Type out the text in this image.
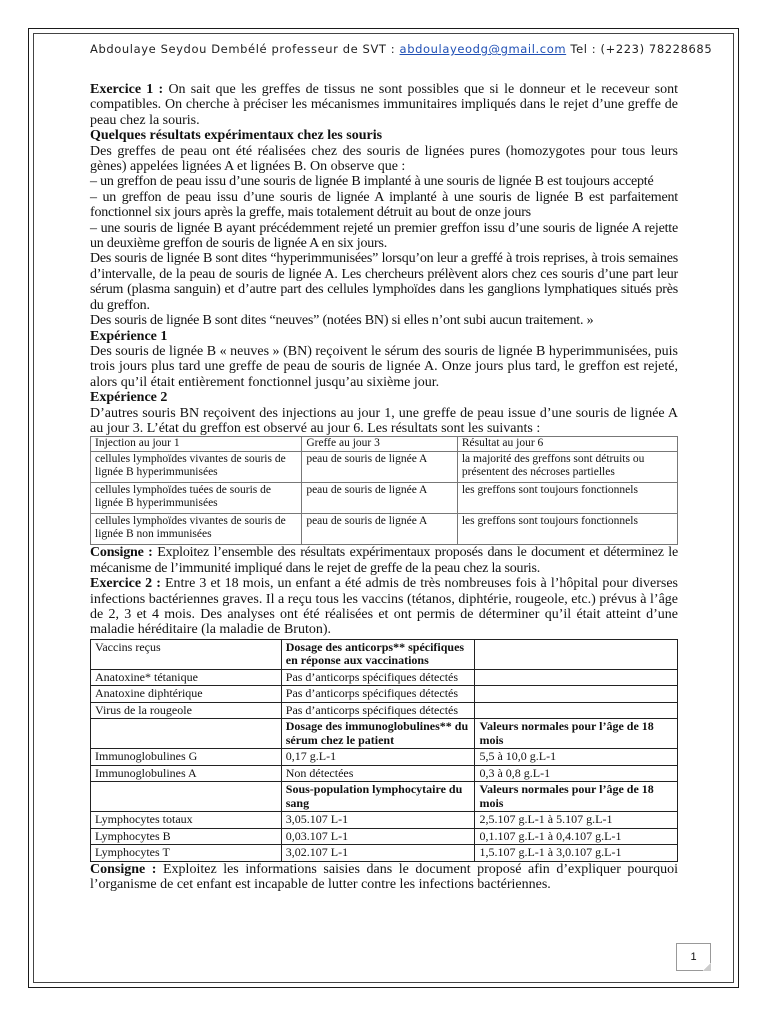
Abdoulaye Seydou Dembélé professeur de SVT : abdoulayeodg@gmail.com Tel : (+223) 78228685

Exercice 1 : On sait que les greffes de tissus ne sont possibles que si le donneur et le receveur sont compatibles. On cherche à préciser les mécanismes immunitaires impliqués dans le rejet d’une greffe de peau chez la souris.

Quelques résultats expérimentaux chez les souris

Des greffes de peau ont été réalisées chez des souris de lignées pures (homozygotes pour tous leurs gènes) appelées lignées A et lignées B. On observe que :

– un greffon de peau issu d’une souris de lignée B implanté à une souris de lignée B est toujours accepté

– un greffon de peau issu d’une souris de lignée A implanté à une souris de lignée B est parfaitement fonctionnel six jours après la greffe, mais totalement détruit au bout de onze jours

– une souris de lignée B ayant précédemment rejeté un premier greffon issu d’une souris de lignée A rejette un deuxième greffon de souris de lignée A en six jours.

Des souris de lignée B sont dites “hyperimmunisées” lorsqu’on leur a greffé à trois reprises, à trois semaines d’intervalle, de la peau de souris de lignée A. Les chercheurs prélèvent alors chez ces souris d’une part leur sérum (plasma sanguin) et d’autre part des cellules lymphoïdes dans les ganglions lymphatiques situés près du greffon.

Des souris de lignée B sont dites “neuves” (notées BN) si elles n’ont subi aucun traitement. »

Expérience 1

Des souris de lignée B « neuves » (BN) reçoivent le sérum des souris de lignée B hyperimmunisées, puis trois jours plus tard une greffe de peau de souris de lignée A. Onze jours plus tard, le greffon est rejeté, alors qu’il était entièrement fonctionnel jusqu’au sixième jour.

Expérience 2

D’autres souris BN reçoivent des injections au jour 1, une greffe de peau issue d’une souris de lignée A au jour 3. L’état du greffon est observé au jour 6. Les résultats sont les suivants :

Injection au jour 1	Greffe au jour 3	Résultat au jour 6
cellules lymphoïdes vivantes de souris de lignée B hyperimmunisées	peau de souris de lignée A	la majorité des greffons sont détruits ou présentent des nécroses partielles
cellules lymphoïdes tuées de souris de lignée B hyperimmunisées	peau de souris de lignée A	les greffons sont toujours fonctionnels
cellules lymphoïdes vivantes de souris de lignée B non immunisées	peau de souris de lignée A	les greffons sont toujours fonctionnels

Consigne : Exploitez l’ensemble des résultats expérimentaux proposés dans le document et déterminez le mécanisme de l’immunité impliqué dans le rejet de greffe de la peau chez la souris.

Exercice 2 : Entre 3 et 18 mois, un enfant a été admis de très nombreuses fois à l’hôpital pour diverses infections bactériennes graves. Il a reçu tous les vaccins (tétanos, diphtérie, rougeole, etc.) prévus à l’âge de 2, 3 et 4 mois. Des analyses ont été réalisées et ont permis de déterminer qu’il était atteint d’une maladie héréditaire (la maladie de Bruton).

Vaccins reçus	Dosage des anticorps** spécifiques en réponse aux vaccinations	
Anatoxine* tétanique	Pas d’anticorps spécifiques détectés	
Anatoxine diphtérique	Pas d’anticorps spécifiques détectés	
Virus de la rougeole	Pas d’anticorps spécifiques détectés	
	Dosage des immunoglobulines** du sérum chez le patient	Valeurs normales pour l’âge de 18 mois
Immunoglobulines G	0,17 g.L-1	5,5 à 10,0 g.L-1
Immunoglobulines A	Non détectées	0,3 à 0,8 g.L-1
	Sous-population lymphocytaire du sang	Valeurs normales pour l’âge de 18 mois
Lymphocytes totaux	3,05.107 L-1	2,5.107 g.L-1 à 5.107 g.L-1
Lymphocytes B	0,03.107 L-1	0,1.107 g.L-1 à 0,4.107 g.L-1
Lymphocytes T	3,02.107 L-1	1,5.107 g.L-1 à 3,0.107 g.L-1

Consigne : Exploitez les informations saisies dans le document proposé afin d’expliquer pourquoi l’organisme de cet enfant est incapable de lutter contre les infections bactériennes.

1
